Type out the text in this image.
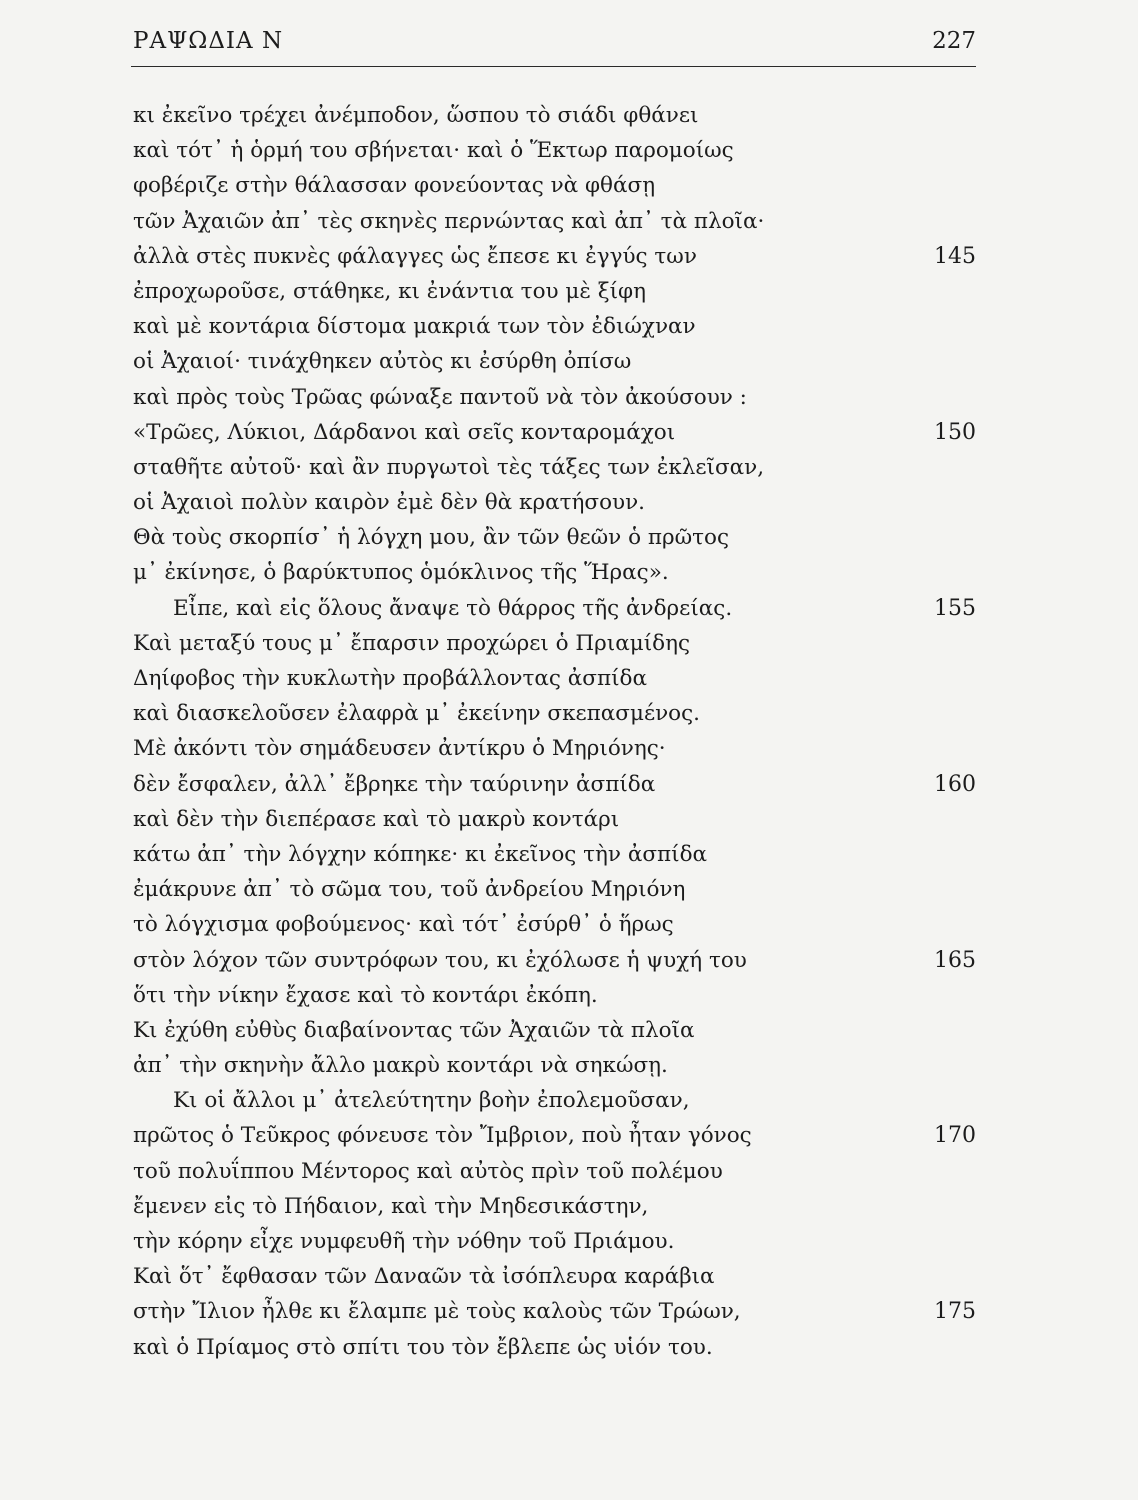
ΡΑΨΩΔΙΑ Ν	227
κι ἐκεῖνο τρέχει ἀνέμποδον, ὥσπου τὸ σιάδι φθάνει
καὶ τότ᾽ ἡ ὁρμή του σβήνεται· καὶ ὁ Ἕκτωρ παρομοίως
φοβέριζε στὴν θάλασσαν φονεύοντας νὰ φθάσῃ
τῶν Ἀχαιῶν ἀπ᾽ τὲς σκηνὲς περνώντας καὶ ἀπ᾽ τὰ πλοῖα·
ἀλλὰ στὲς πυκνὲς φάλαγγες ὡς ἔπεσε κι ἐγγύς των	145
ἐπροχωροῦσε, στάθηκε, κι ἐνάντια του μὲ ξίφη
καὶ μὲ κοντάρια δίστομα μακριά των τὸν ἐδιώχναν
οἱ Ἀχαιοί· τινάχθηκεν αὐτὸς κι ἐσύρθη ὀπίσω
καὶ πρὸς τοὺς Τρῶας φώναξε παντοῦ νὰ τὸν ἀκούσουν :
«Τρῶες, Λύκιοι, Δάρδανοι καὶ σεῖς κονταρομάχοι	150
σταθῆτε αὐτοῦ· καὶ ἂν πυργωτοὶ τὲς τάξες των ἐκλεῖσαν,
οἱ Ἀχαιοὶ πολὺν καιρὸν ἐμὲ δὲν θὰ κρατήσουν.
Θὰ τοὺς σκορπίσ᾽ ἡ λόγχη μου, ἂν τῶν θεῶν ὁ πρῶτος
μ᾽ ἐκίνησε, ὁ βαρύκτυπος ὁμόκλινος τῆς Ἥρας».
Εἶπε, καὶ εἰς ὅλους ἄναψε τὸ θάρρος τῆς ἀνδρείας.	155
Καὶ μεταξύ τους μ᾽ ἔπαρσιν προχώρει ὁ Πριαμίδης
Δηίφοβος τὴν κυκλωτὴν προβάλλοντας ἀσπίδα
καὶ διασκελοῦσεν ἐλαφρὰ μ᾽ ἐκείνην σκεπασμένος.
Μὲ ἀκόντι τὸν σημάδευσεν ἀντίκρυ ὁ Μηριόνης·
δὲν ἔσφαλεν, ἀλλ᾽ ἔβρηκε τὴν ταύρινην ἀσπίδα	160
καὶ δὲν τὴν διεπέρασε καὶ τὸ μακρὺ κοντάρι
κάτω ἀπ᾽ τὴν λόγχην κόπηκε· κι ἐκεῖνος τὴν ἀσπίδα
ἐμάκρυνε ἀπ᾽ τὸ σῶμα του, τοῦ ἀνδρείου Μηριόνη
τὸ λόγχισμα φοβούμενος· καὶ τότ᾽ ἐσύρθ᾽ ὁ ἥρως
στὸν λόχον τῶν συντρόφων του, κι ἐχόλωσε ἡ ψυχή του	165
ὅτι τὴν νίκην ἔχασε καὶ τὸ κοντάρι ἐκόπη.
Κι ἐχύθη εὐθὺς διαβαίνοντας τῶν Ἀχαιῶν τὰ πλοῖα
ἀπ᾽ τὴν σκηνὴν ἄλλο μακρὺ κοντάρι νὰ σηκώσῃ.
Κι οἱ ἄλλοι μ᾽ ἀτελεύτητην βοὴν ἐπολεμοῦσαν,
πρῶτος ὁ Τεῦκρος φόνευσε τὸν Ἴμβριον, ποὺ ἦταν γόνος	170
τοῦ πολυΐππου Μέντορος καὶ αὐτὸς πρὶν τοῦ πολέμου
ἔμενεν εἰς τὸ Πήδαιον, καὶ τὴν Μηδεσικάστην,
τὴν κόρην εἶχε νυμφευθῆ τὴν νόθην τοῦ Πριάμου.
Καὶ ὅτ᾽ ἔφθασαν τῶν Δαναῶν τὰ ἰσόπλευρα καράβια
στὴν Ἴλιον ἦλθε κι ἔλαμπε μὲ τοὺς καλοὺς τῶν Τρώων,	175
καὶ ὁ Πρίαμος στὸ σπίτι του τὸν ἔβλεπε ὡς υἱόν του.
